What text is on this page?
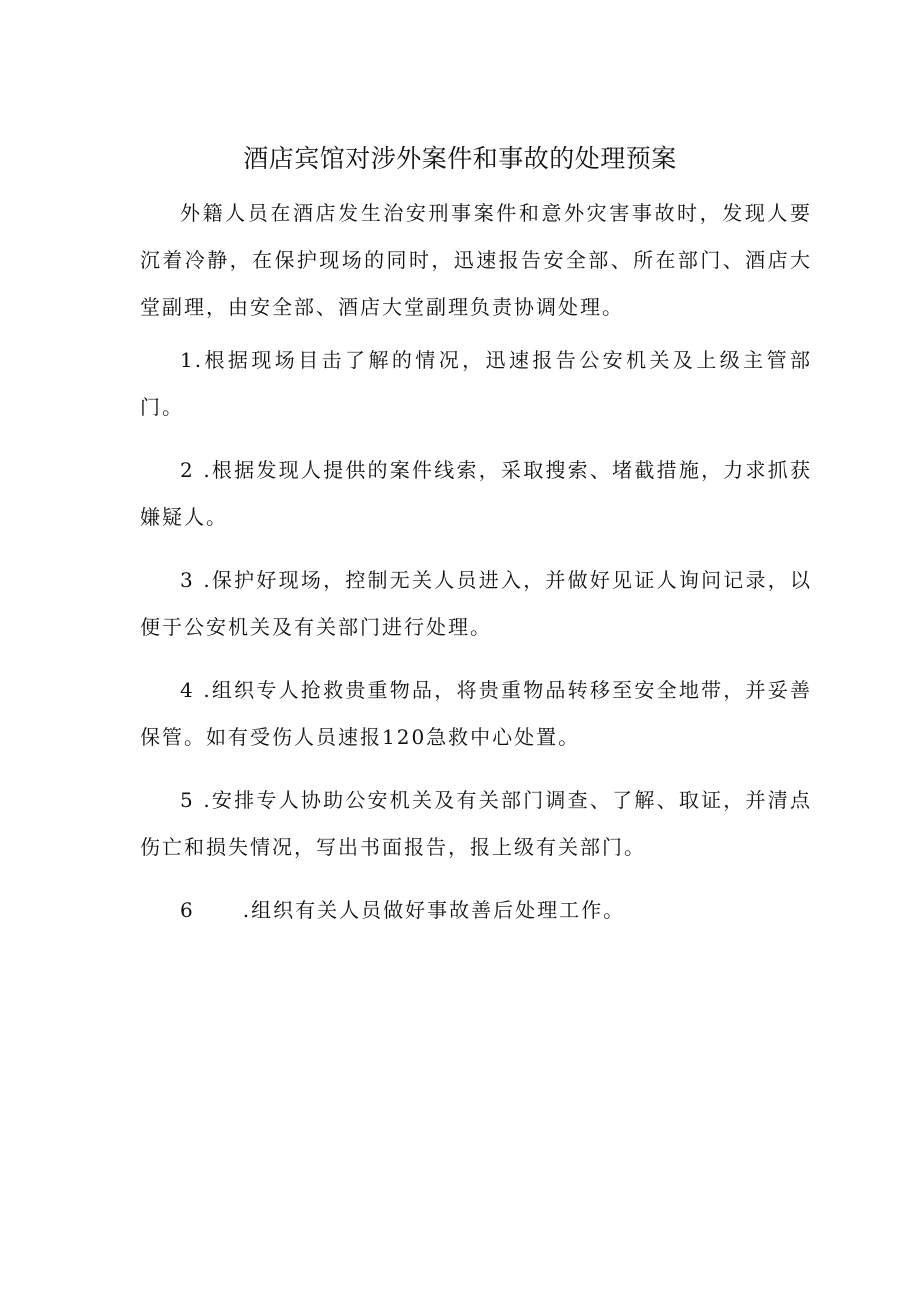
酒店宾馆对涉外案件和事故的处理预案

外籍人员在酒店发生治安刑事案件和意外灾害事故时，发现人要沉着冷静，在保护现场的同时，迅速报告安全部、所在部门、酒店大堂副理，由安全部、酒店大堂副理负责协调处理。

1.根据现场目击了解的情况，迅速报告公安机关及上级主管部门。

2 .根据发现人提供的案件线索，采取搜索、堵截措施，力求抓获嫌疑人。

3 .保护好现场，控制无关人员进入，并做好见证人询问记录，以便于公安机关及有关部门进行处理。

4 .组织专人抢救贵重物品，将贵重物品转移至安全地带，并妥善保管。如有受伤人员速报120急救中心处置。

5 .安排专人协助公安机关及有关部门调查、了解、取证，并清点伤亡和损失情况，写出书面报告，报上级有关部门。

6 .组织有关人员做好事故善后处理工作。
